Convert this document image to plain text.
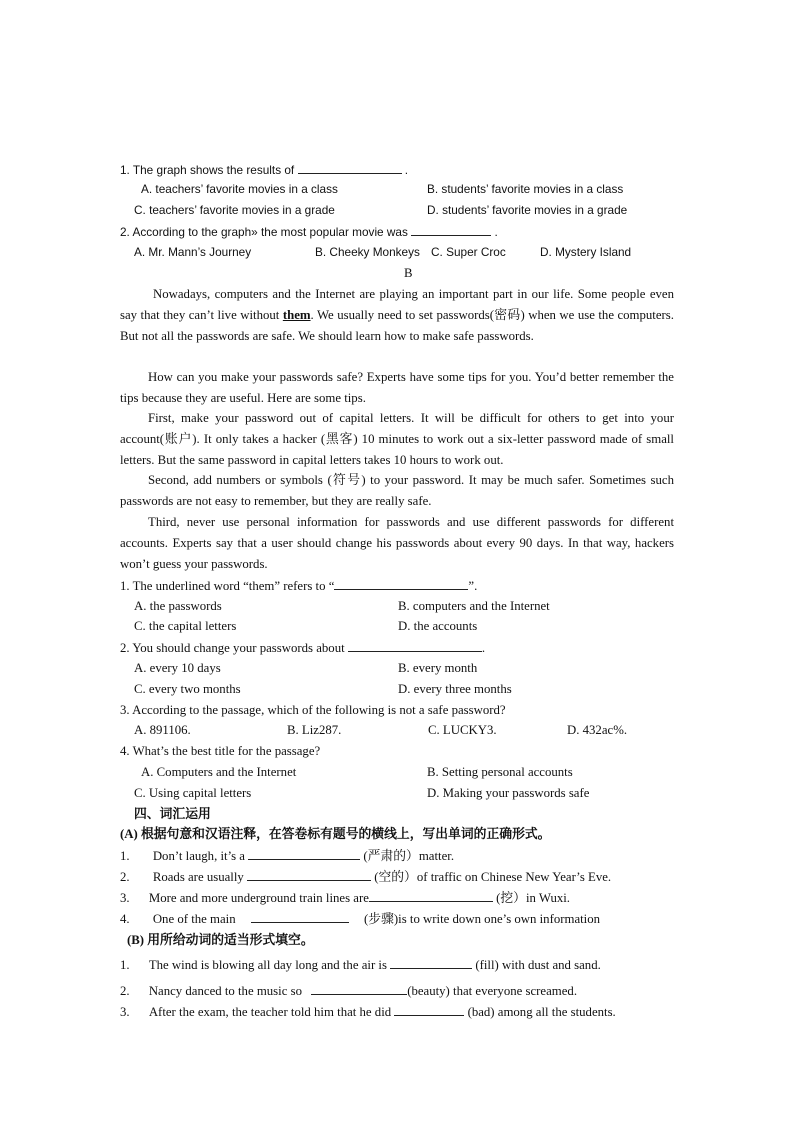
1. The graph shows the results of	.
A. teachers’ favorite movies in a class	B. students’ favorite movies in a class
C. teachers’ favorite movies in a grade	D. students’ favorite movies in a grade
2. According to the graph» the most popular movie was	.
A. Mr. Mann’s Journey	B. Cheeky Monkeys C. Super Croc	D. Mystery Island
B
Nowadays, computers and the Internet are playing an important part in our life. Some people even say that they can’t live without them. We usually need to set passwords(密码) when we use the computers. But not all the passwords are safe. We should learn how to make safe passwords.
How can you make your passwords safe? Experts have some tips for you. You’d better remember the tips because they are useful. Here are some tips.
First, make your password out of capital letters. It will be difficult for others to get into your account(账户). It only takes a hacker (黑客) 10 minutes to work out a six-letter password made of small letters. But the same password in capital letters takes 10 hours to work out.
Second, add numbers or symbols (符号) to your password. It may be much safer. Sometimes such passwords are not easy to remember, but they are really safe.
Third, never use personal information for passwords and use different passwords for different accounts. Experts say that a user should change his passwords about every 90 days. In that way, hackers won’t guess your passwords.
1. The underlined word “them” refers to “	”.
A. the passwords	B. computers and the Internet
C. the capital letters	D. the accounts
2. You should change your passwords about	.
A. every 10 days	B. every month
C. every two months	D. every three months
3. According to the passage, which of the following is not a safe password?
A. 891106.	B. Liz287.	C. LUCKY3.	D. 432ac%.
4. What’s the best title for the passage?
A. Computers and the Internet	B. Setting personal accounts
C. Using capital letters	D. Making your passwords safe
四、词汇运用
(A) 根据句意和汉语注释，在答卷标有题号的横线上，写出单词的正确形式。
1. Don’t laugh, it’s a	(严肃的）matter.
2. Roads are usually	(空的）of traffic on Chinese New Year’s Eve.
3. More and more underground train lines are	(挖）in Wuxi.
4. One of the main	(步骤)is to write down one’s own information
(B) 用所给动词的适当形式填空。
1. The wind is blowing all day long and the air is	(fill) with dust and sand.
2. Nancy danced to the music so	(beauty) that everyone screamed.
3. After the exam, the teacher told him that he did	(bad) among all the students.
